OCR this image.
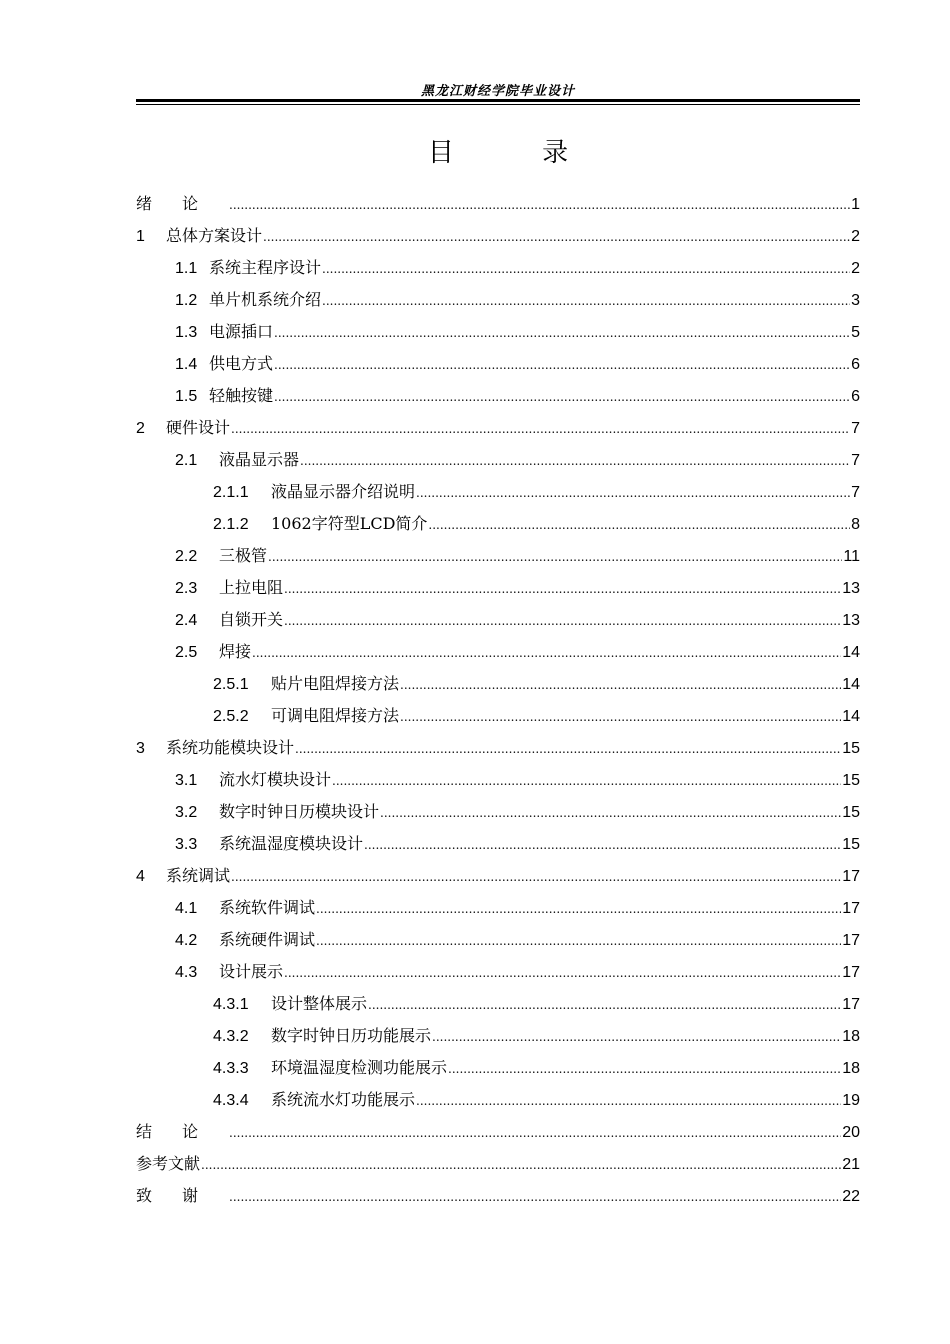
黑龙江财经学院毕业设计
目 录
绪论 .....	1
1	总体方案设计 .....	2
1.1 系统主程序设计 .....	2
1.2 单片机系统介绍 .....	3
1.3 电源插口 .....	5
1.4 供电方式 .....	6
1.5 轻触按键 .....	6
2	硬件设计 .....	7
2.1	液晶显示器 .....	7
2.1.1	液晶显示器介绍说明 .....	7
2.1.2	1062字符型LCD简介 .....	8
2.2	三极管 .....	11
2.3	上拉电阻 .....	13
2.4	自锁开关 .....	13
2.5	焊接 .....	14
2.5.1	贴片电阻焊接方法 .....	14
2.5.2	可调电阻焊接方法 .....	14
3	系统功能模块设计 .....	15
3.1	流水灯模块设计 .....	15
3.2	数字时钟日历模块设计 .....	15
3.3	系统温湿度模块设计 .....	15
4	系统调试 .....	17
4.1	系统软件调试 .....	17
4.2	系统硬件调试 .....	17
4.3	设计展示 .....	17
4.3.1	设计整体展示 .....	17
4.3.2	数字时钟日历功能展示 .....	18
4.3.3	环境温湿度检测功能展示 .....	18
4.3.4	系统流水灯功能展示 .....	19
结论 .....	20
参考文献 .....	21
致谢 .....	22
